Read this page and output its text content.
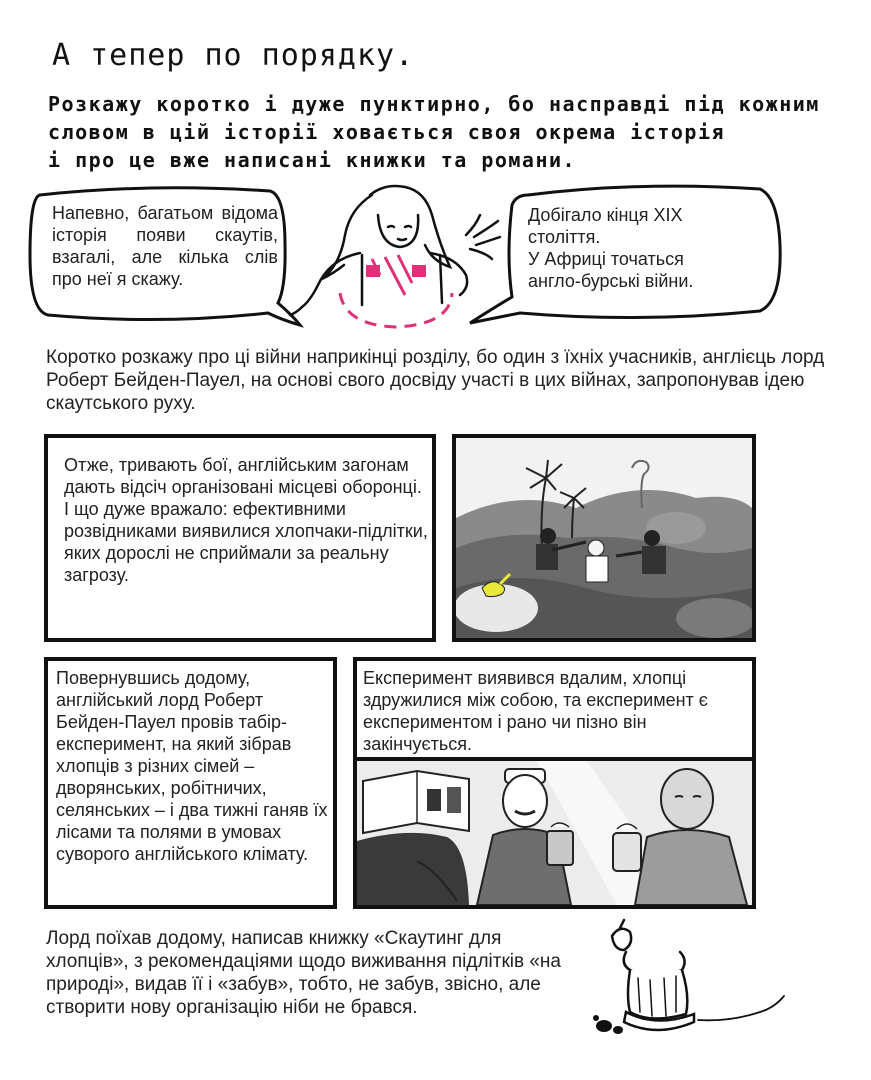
А тепер по порядку.
Розкажу коротко і дуже пунктирно, бо насправді під кожним
словом в цій історії ховається своя окрема історія
і про це вже написані книжки та романи.
Напевно, багатьом відома історія появи скаутів, взагалі, але кілька слів про неї я скажу.
Добігало кінця XIX
століття.
У Африці точаться
англо-бурські війни.
Коротко розкажу про ці війни наприкінці розділу, бо один з їхніх учасників, англієць лорд Роберт Бейден-Пауел, на основі свого досвіду участі в цих війнах, запропонував ідею скаутського руху.
Отже, тривають бої, англійським загонам дають відсіч організовані місцеві оборонці. І що дуже вражало: ефективними розвідниками виявилися хлопчаки-підлітки, яких дорослі не сприймали за реальну загрозу.
Повернувшись додому, англійський лорд Роберт Бейден-Пауел провів табір-експеримент, на який зібрав хлопців з різних сімей – дворянських, робітничих, селянських – і два тижні ганяв їх лісами та полями в умовах суворого англійського клімату.
Експеримент виявився вдалим, хлопці здружилися між собою, та експеримент є експериментом і рано чи пізно він закінчується.
Лорд поїхав додому, написав книжку «Скаутинг для хлопців», з рекомендаціями щодо виживання підлітків «на природі», видав її і «забув», тобто, не забув, звісно, але створити нову організацію ніби не брався.
